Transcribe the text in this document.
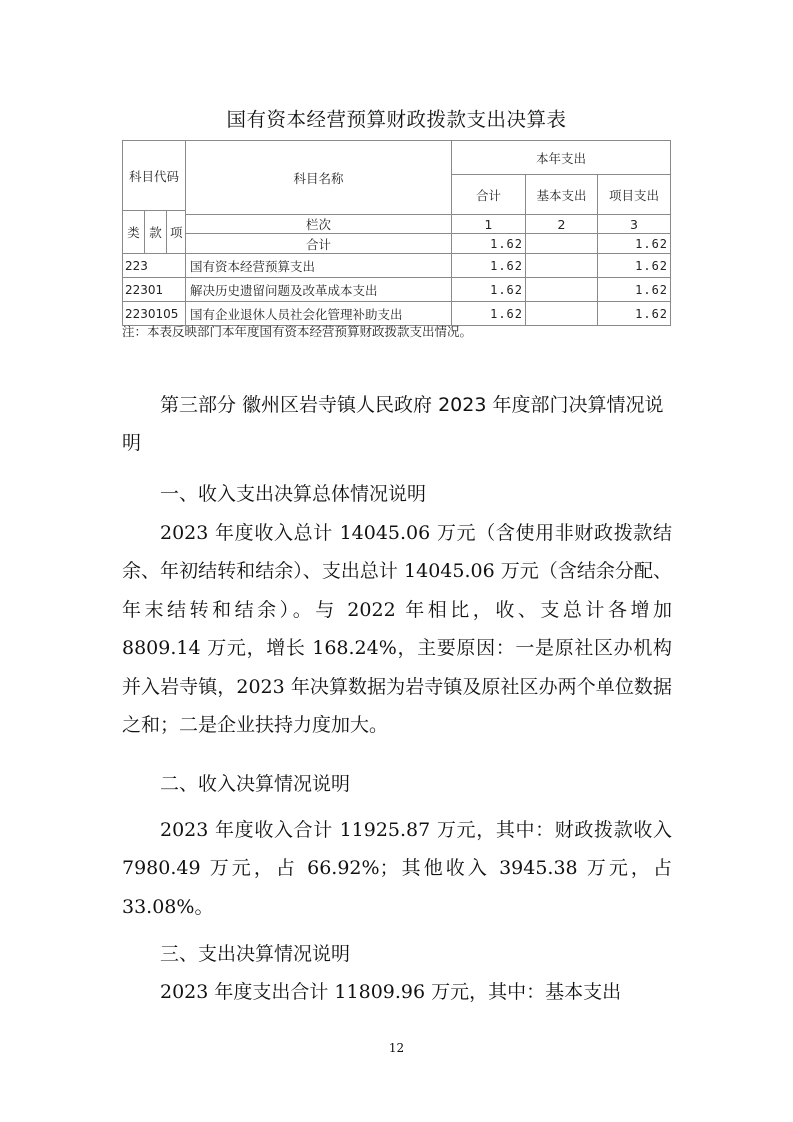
国有资本经营预算财政拨款支出决算表
科目代码			科目名称	本年支出		
				合计	基本支出	项目支出
类	款	项				
			栏次	1	2	3
			合计	1.62		1.62
223			国有资本经营预算支出	1.62		1.62
22301			解决历史遗留问题及改革成本支出	1.62		1.62
2230105			国有企业退休人员社会化管理补助支出	1.62		1.62
注：本表反映部门本年度国有资本经营预算财政拨款支出情况。

第三部分 徽州区岩寺镇人民政府 2023 年度部门决算情况说明

一、收入支出决算总体情况说明

2023 年度收入总计 14045.06 万元（含使用非财政拨款结余、年初结转和结余）、支出总计 14045.06 万元（含结余分配、年末结转和结余）。与 2022 年相比，收、支总计各增加 8809.14 万元，增长 168.24%，主要原因：一是原社区办机构并入岩寺镇，2023 年决算数据为岩寺镇及原社区办两个单位数据之和；二是企业扶持力度加大。

二、收入决算情况说明

2023 年度收入合计 11925.87 万元，其中：财政拨款收入 7980.49 万元，占 66.92%；其他收入 3945.38 万元，占 33.08%。

三、支出决算情况说明

2023 年度支出合计 11809.96 万元，其中：基本支出

12
